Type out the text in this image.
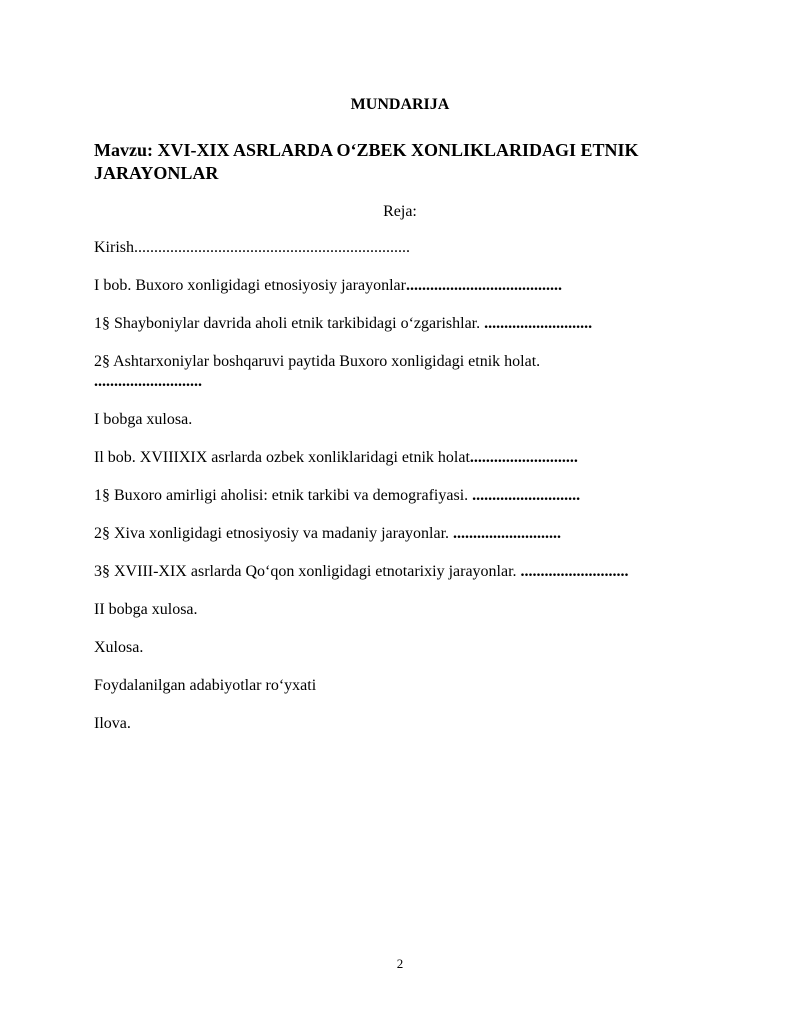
MUNDARIJA
Mavzu: XVI-XIX ASRLARDA O‘ZBEK XONLIKLARIDAGI ETNIK JARAYONLAR
Reja:
Kirish.....................................................................
I bob. Buxoro xonligidagi etnosiyosiy jarayonlar.......................................
1§ Shayboniylar davrida aholi etnik tarkibidagi o‘zgarishlar. ...........................
2§ Ashtarxoniylar boshqaruvi paytida Buxoro xonligidagi etnik holat. ...........................
I bobga xulosa.
Il bob. XVIIIXIX asrlarda ozbek xonliklaridagi etnik holat...........................
1§ Buxoro amirligi aholisi: etnik tarkibi va demografiyasi. ...........................
2§ Xiva xonligidagi etnosiyosiy va madaniy jarayonlar. ...........................
3§ XVIII-XIX asrlarda Qo‘qon xonligidagi etnotarixiy jarayonlar. ...........................
II bobga xulosa.
Xulosa.
Foydalanilgan adabiyotlar ro‘yxati
Ilova.
2
